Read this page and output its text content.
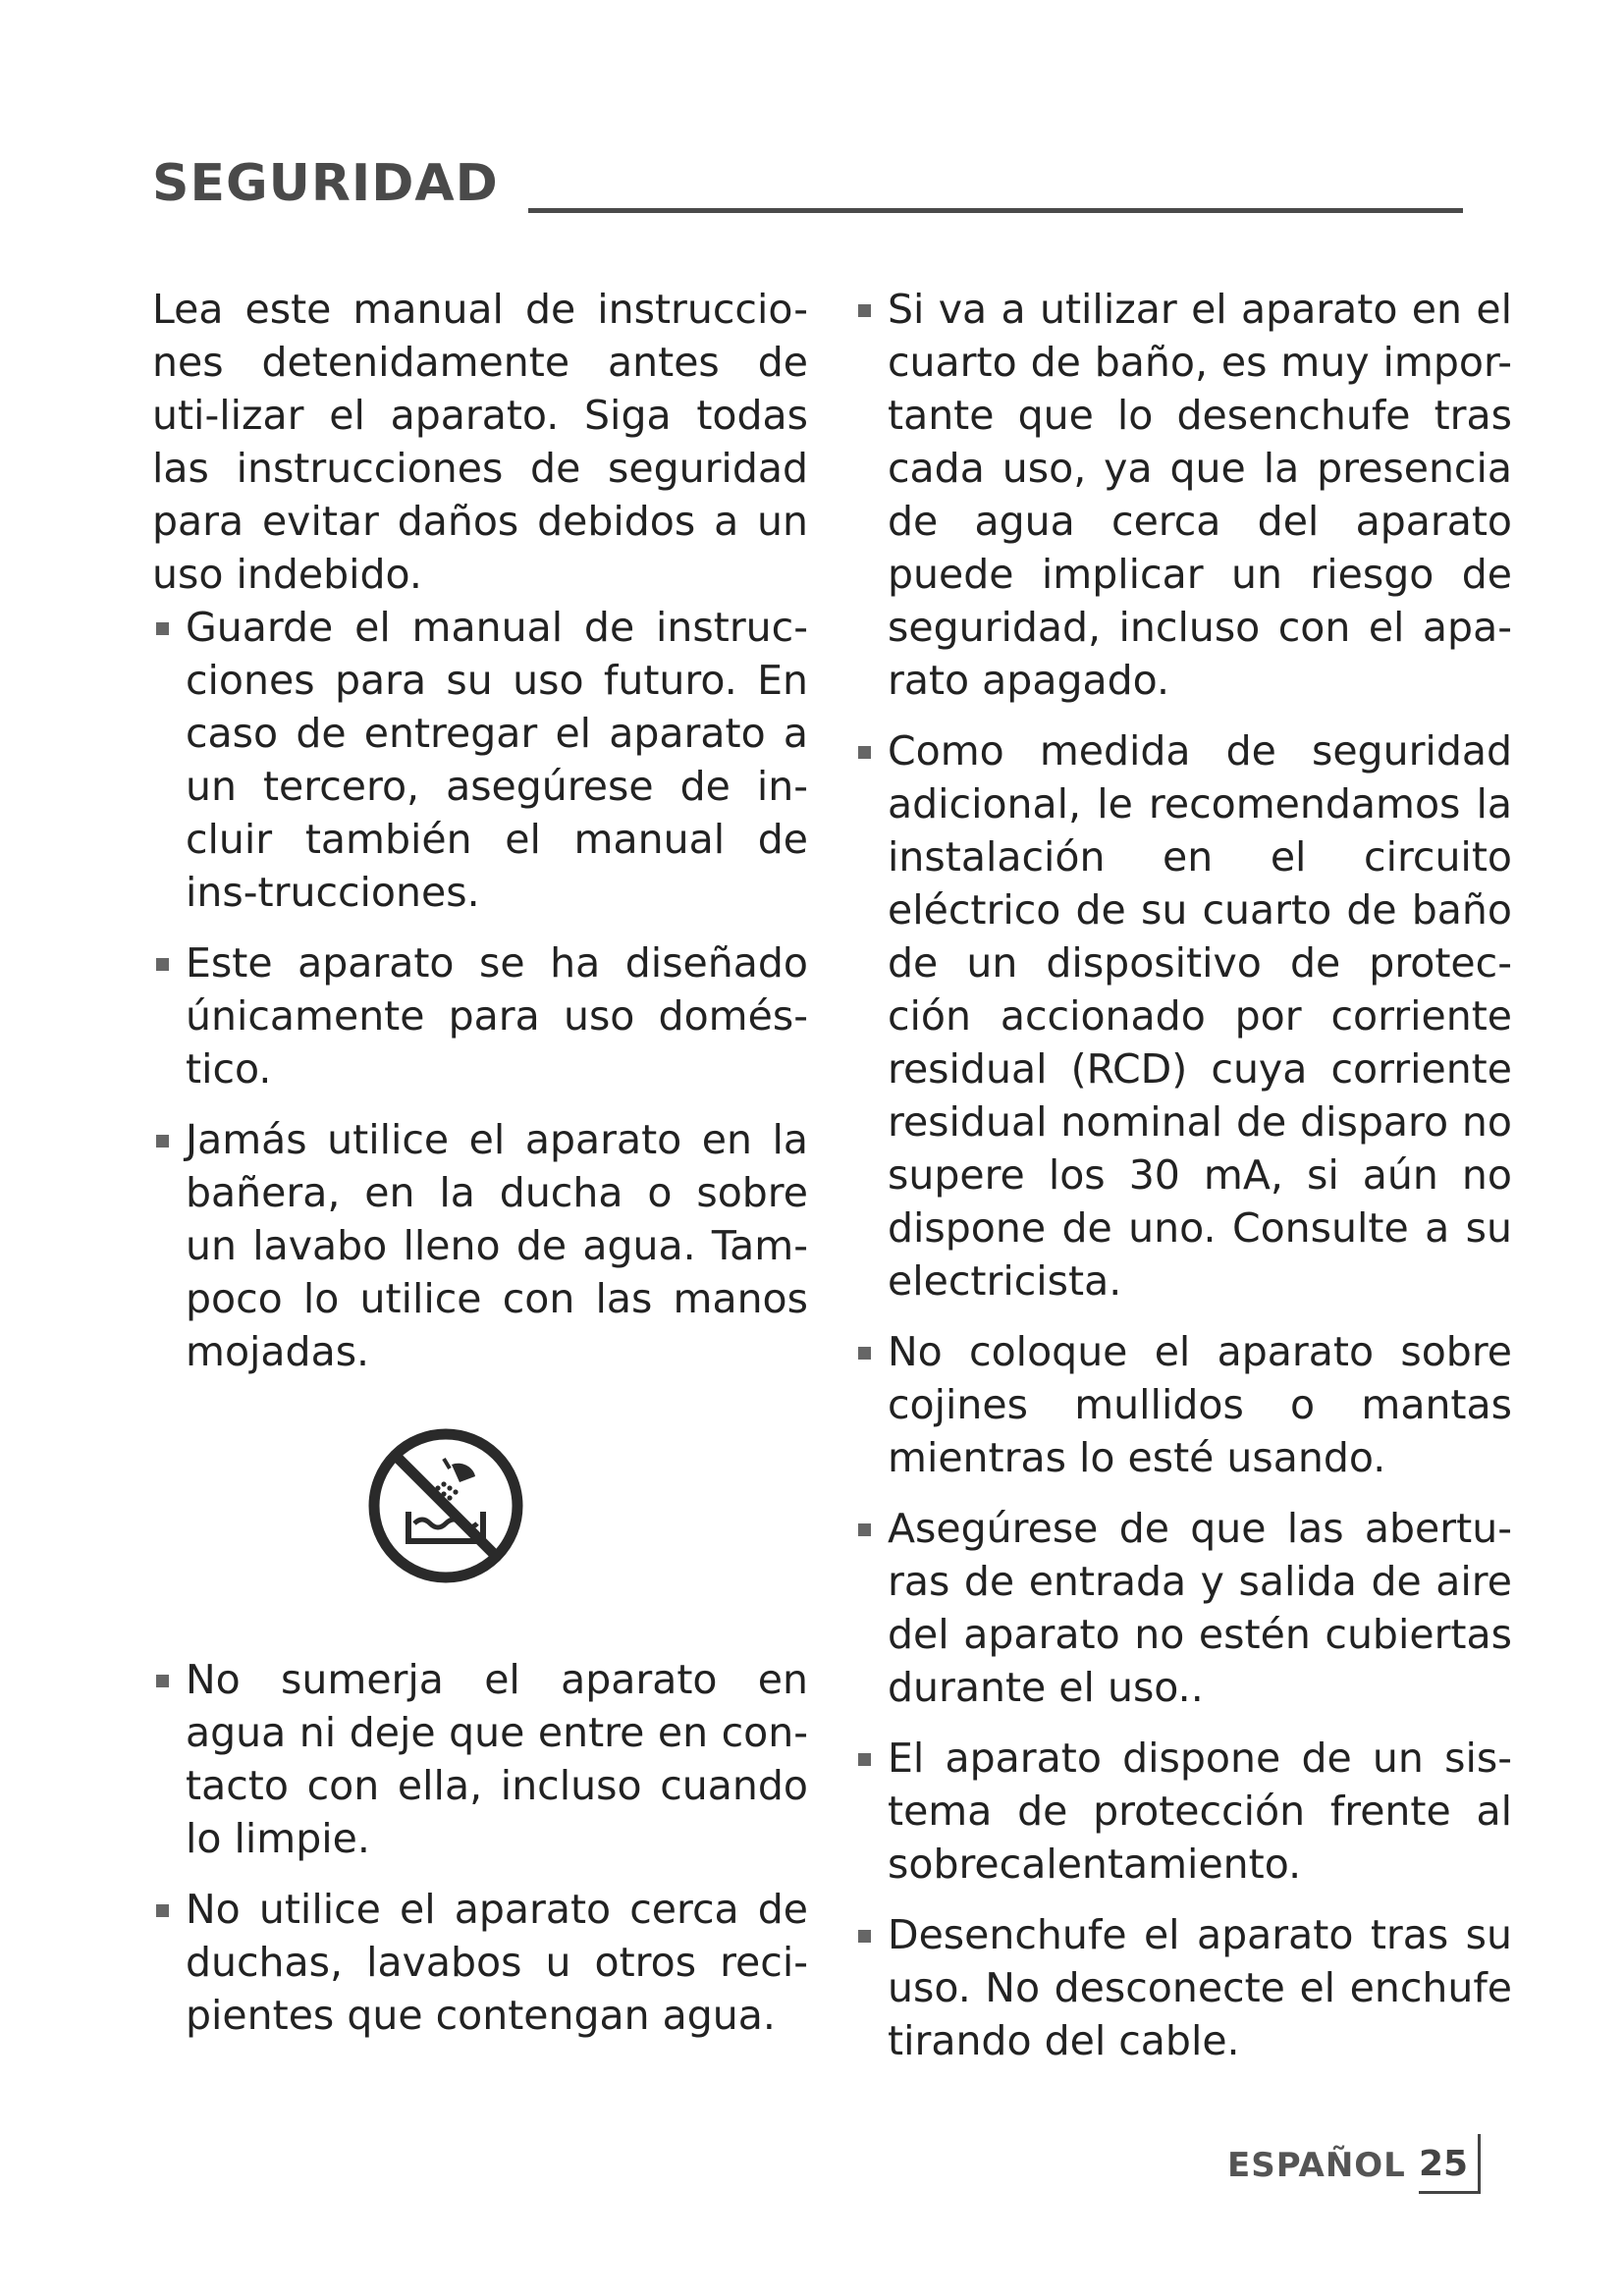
SEGURIDAD

Lea este manual de instruccio-nes detenidamente antes de uti-lizar el aparato. Siga todas las instrucciones de seguridad para evitar daños debidos a un uso indebido.

Guarde el manual de instruc-ciones para su uso futuro. En caso de entregar el aparato a un tercero, asegúrese de in-cluir también el manual de ins-trucciones.
Este aparato se ha diseñado únicamente para uso domés-tico.
Jamás utilice el aparato en la bañera, en la ducha o sobre un lavabo lleno de agua. Tam-poco lo utilice con las manos mojadas.
No sumerja el aparato en agua ni deje que entre en con-tacto con ella, incluso cuando lo limpie.
No utilice el aparato cerca de duchas, lavabos u otros reci-pientes que contengan agua.
Si va a utilizar el aparato en el cuarto de baño, es muy impor-tante que lo desenchufe tras cada uso, ya que la presencia de agua cerca del aparato puede implicar un riesgo de seguridad, incluso con el apa-rato apagado.
Como medida de seguridad adicional, le recomendamos la instalación en el circuito eléctrico de su cuarto de baño de un dispositivo de protec-ción accionado por corriente residual (RCD) cuya corriente residual nominal de disparo no supere los 30 mA, si aún no dispone de uno. Consulte a su electricista.
No coloque el aparato sobre cojines mullidos o mantas mientras lo esté usando.
Asegúrese de que las abertu-ras de entrada y salida de aire del aparato no estén cubiertas durante el uso..
El aparato dispone de un sis-tema de protección frente al sobrecalentamiento.
Desenchufe el aparato tras su uso. No desconecte el enchufe tirando del cable.
ESPAÑOL 25
